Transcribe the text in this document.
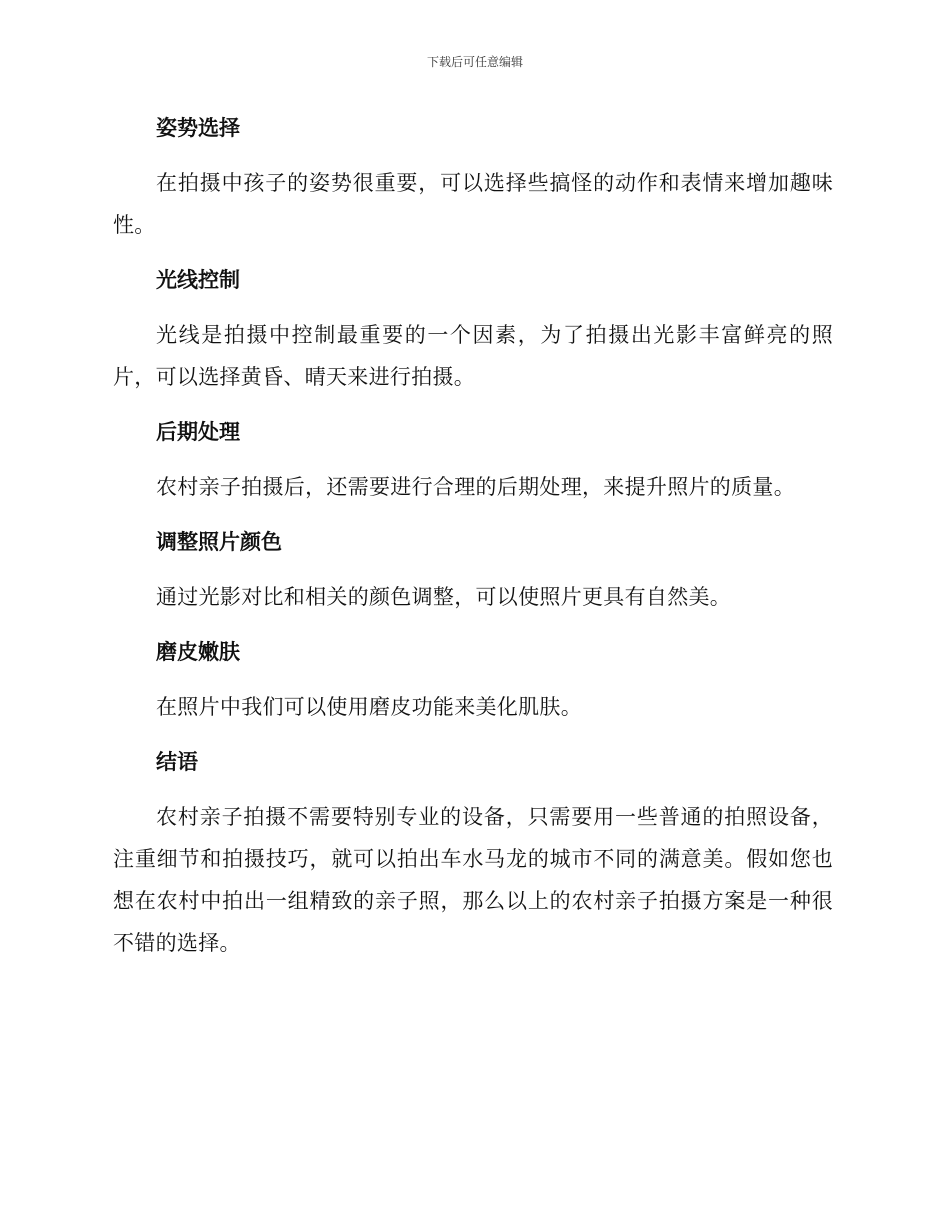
下载后可任意编辑
姿势选择

在拍摄中孩子的姿势很重要，可以选择些搞怪的动作和表情来增加趣味性。

光线控制

光线是拍摄中控制最重要的一个因素，为了拍摄出光影丰富鲜亮的照片，可以选择黄昏、晴天来进行拍摄。

后期处理

农村亲子拍摄后，还需要进行合理的后期处理，来提升照片的质量。

调整照片颜色

通过光影对比和相关的颜色调整，可以使照片更具有自然美。

磨皮嫩肤

在照片中我们可以使用磨皮功能来美化肌肤。

结语

农村亲子拍摄不需要特别专业的设备，只需要用一些普通的拍照设备，注重细节和拍摄技巧，就可以拍出车水马龙的城市不同的满意美。假如您也想在农村中拍出一组精致的亲子照，那么以上的农村亲子拍摄方案是一种很不错的选择。
